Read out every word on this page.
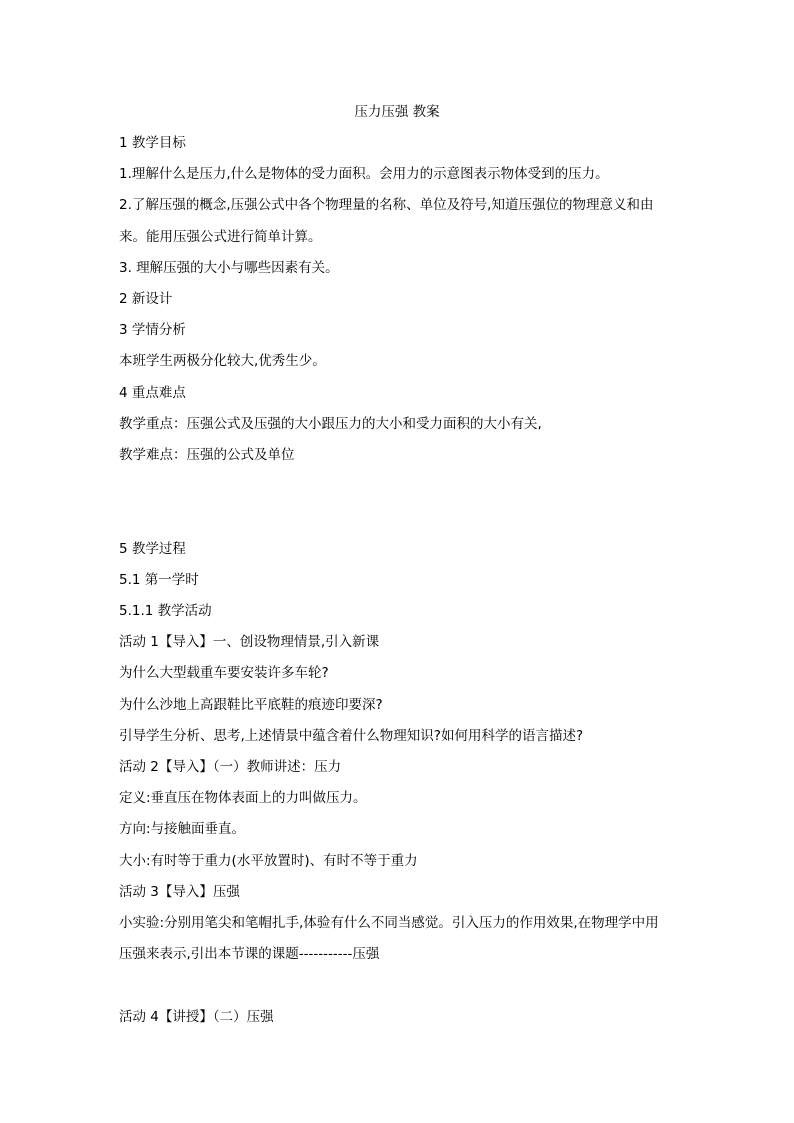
压力压强 教案
1 教学目标
1.理解什么是压力,什么是物体的受力面积。会用力的示意图表示物体受到的压力。
2.了解压强的概念,压强公式中各个物理量的名称、单位及符号,知道压强位的物理意义和由
来。能用压强公式进行简单计算。
3. 理解压强的大小与哪些因素有关。
2 新设计
3 学情分析
本班学生两极分化较大,优秀生少。
4 重点难点
教学重点：压强公式及压强的大小跟压力的大小和受力面积的大小有关,
教学难点：压强的公式及单位
5 教学过程
5.1 第一学时
5.1.1 教学活动
活动 1【导入】一、创设物理情景,引入新课
为什么大型载重车要安装许多车轮?
为什么沙地上高跟鞋比平底鞋的痕迹印要深?
引导学生分析、思考,上述情景中蕴含着什么物理知识?如何用科学的语言描述?
活动 2【导入】（一）教师讲述：压力
定义:垂直压在物体表面上的力叫做压力。
方向:与接触面垂直。
大小:有时等于重力(水平放置时)、有时不等于重力
活动 3【导入】压强
小实验:分别用笔尖和笔帽扎手,体验有什么不同当感觉。引入压力的作用效果,在物理学中用
压强来表示,引出本节课的课题-----------压强
活动 4【讲授】（二）压强
